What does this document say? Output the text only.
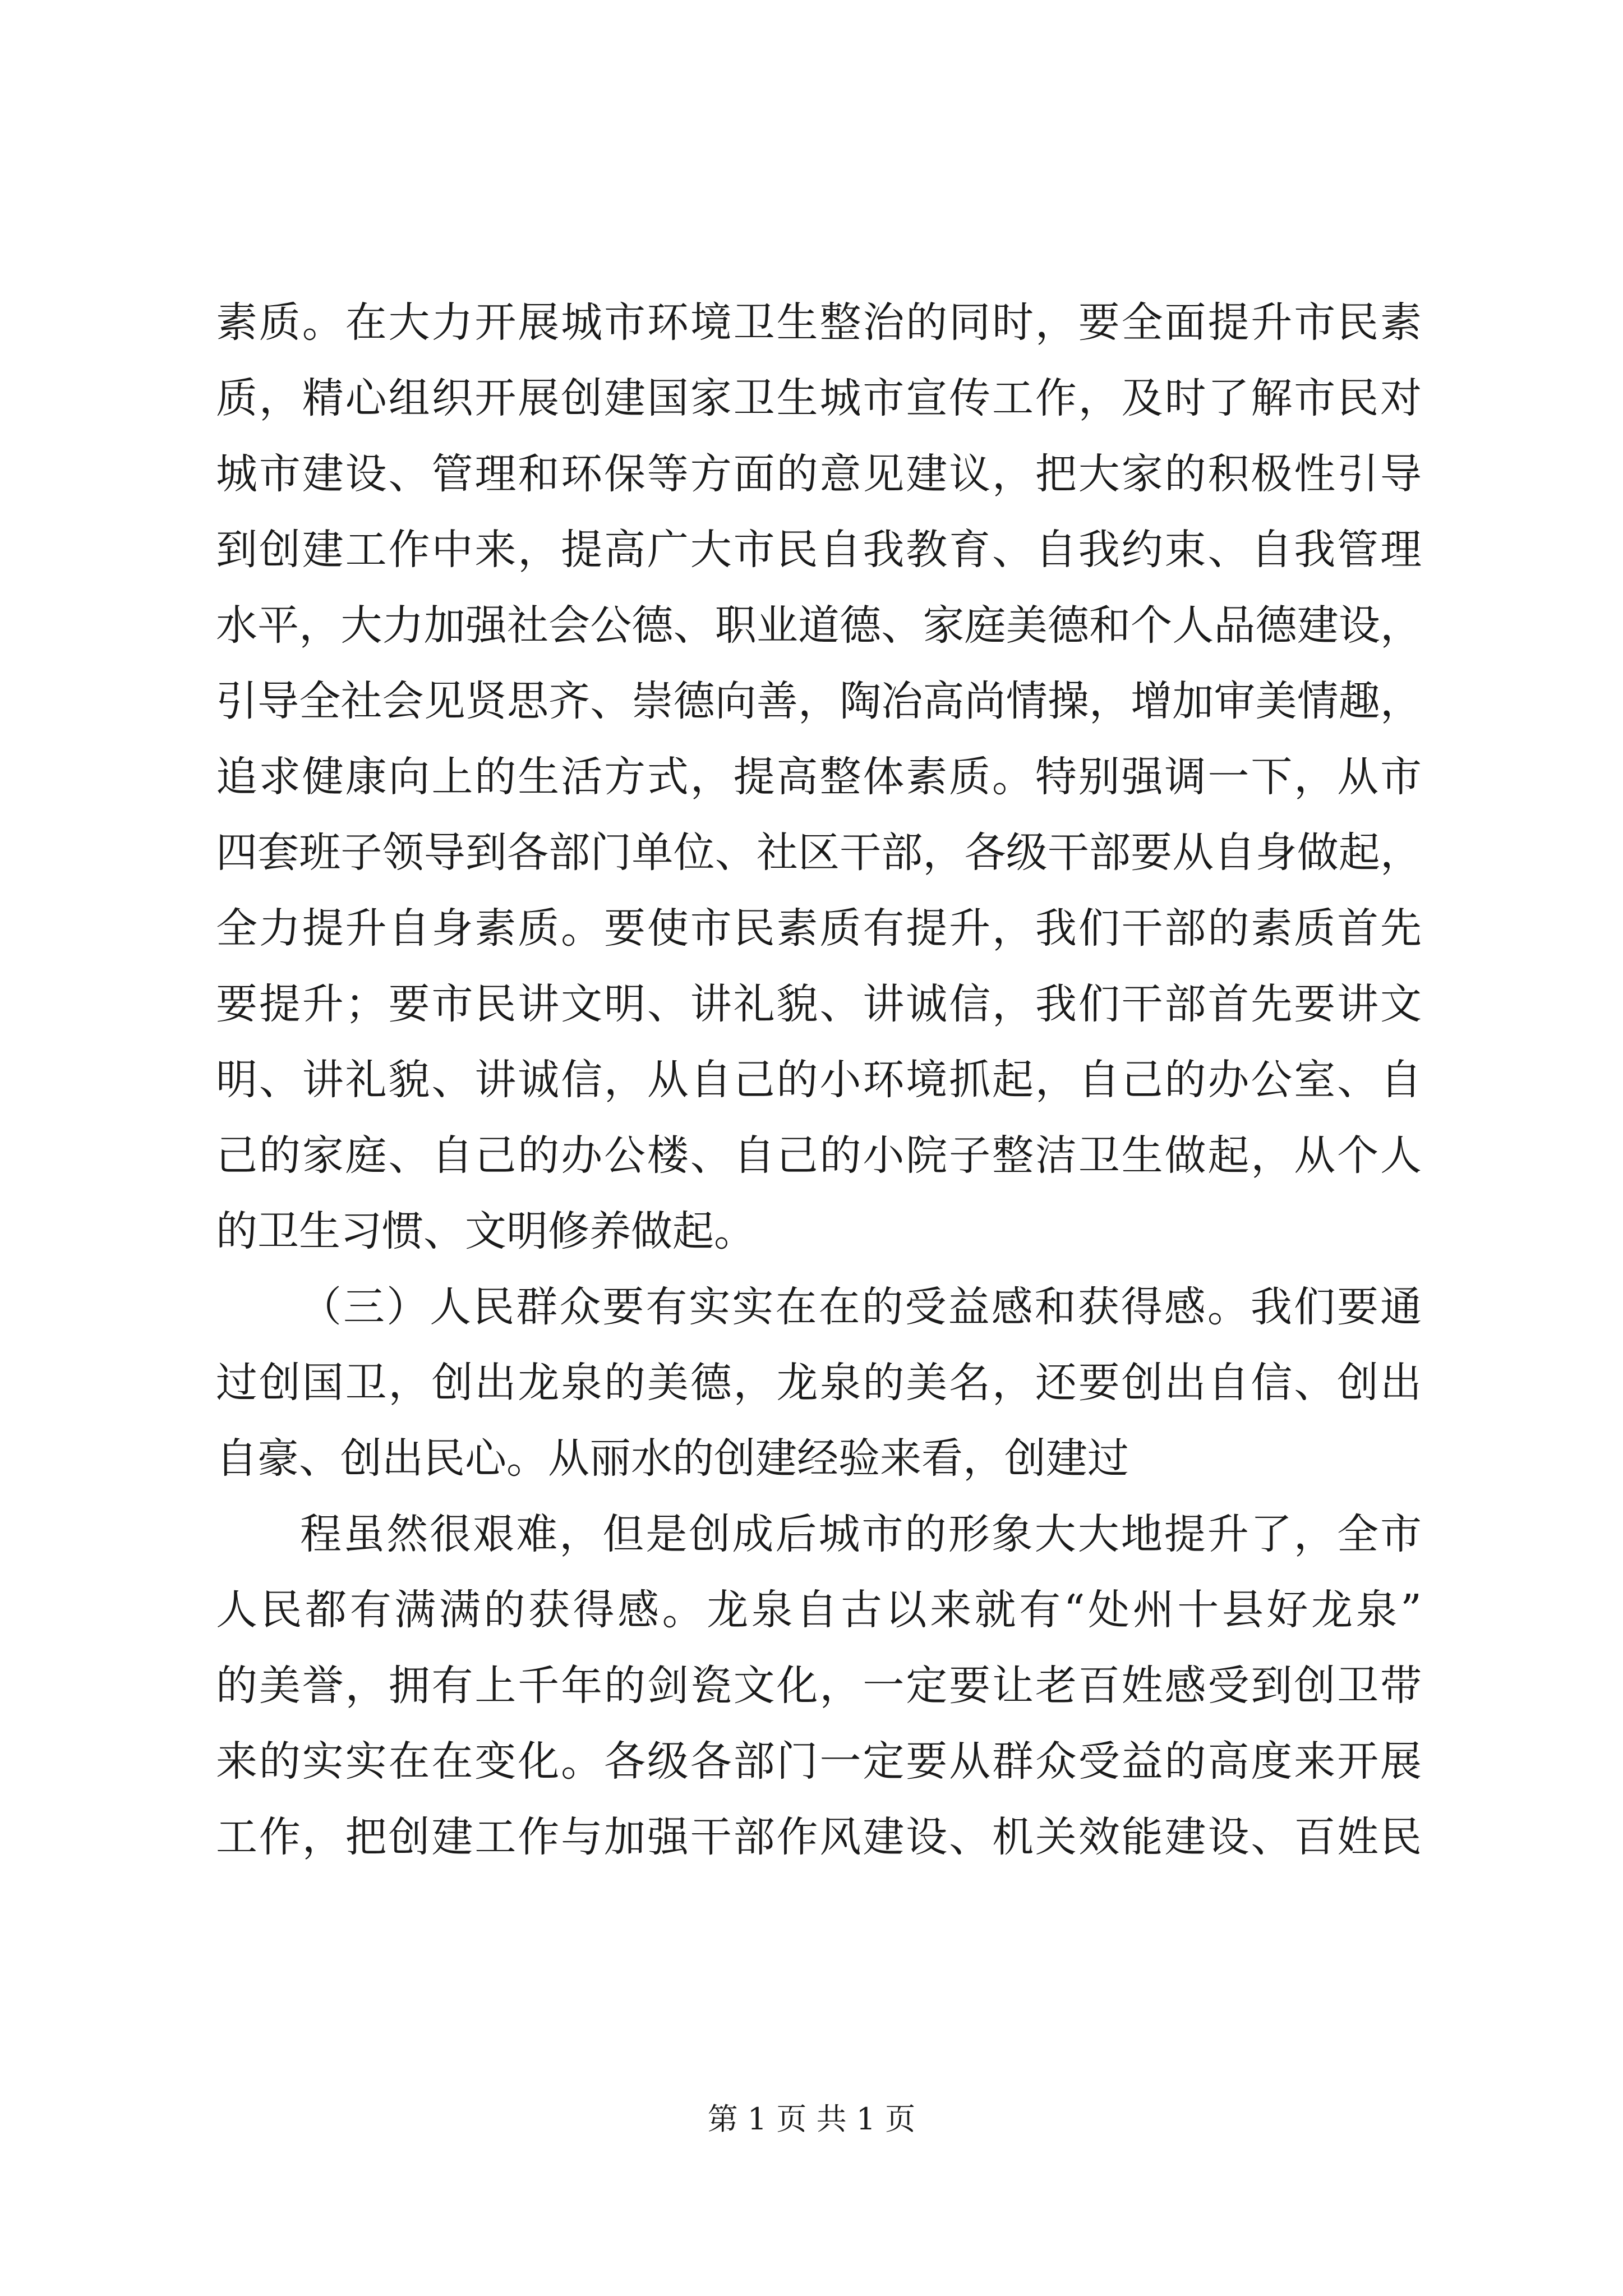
素质。在大力开展城市环境卫生整治的同时，要全面提升市民素
质，精心组织开展创建国家卫生城市宣传工作，及时了解市民对
城市建设、管理和环保等方面的意见建议，把大家的积极性引导
到创建工作中来，提高广大市民自我教育、自我约束、自我管理
水平，大力加强社会公德、职业道德、家庭美德和个人品德建设，
引导全社会见贤思齐、崇德向善，陶冶高尚情操，增加审美情趣，
追求健康向上的生活方式，提高整体素质。特别强调一下，从市
四套班子领导到各部门单位、社区干部，各级干部要从自身做起，
全力提升自身素质。要使市民素质有提升，我们干部的素质首先
要提升；要市民讲文明、讲礼貌、讲诚信，我们干部首先要讲文
明、讲礼貌、讲诚信，从自己的小环境抓起，自己的办公室、自
己的家庭、自己的办公楼、自己的小院子整洁卫生做起，从个人
的卫生习惯、文明修养做起。
（三）人民群众要有实实在在的受益感和获得感。我们要通
过创国卫，创出龙泉的美德，龙泉的美名，还要创出自信、创出
自豪、创出民心。从丽水的创建经验来看，创建过
程虽然很艰难，但是创成后城市的形象大大地提升了，全市
人民都有满满的获得感。龙泉自古以来就有“处州十县好龙泉”
的美誉，拥有上千年的剑瓷文化，一定要让老百姓感受到创卫带
来的实实在在变化。各级各部门一定要从群众受益的高度来开展
工作，把创建工作与加强干部作风建设、机关效能建设、百姓民
第 1 页 共 1 页
